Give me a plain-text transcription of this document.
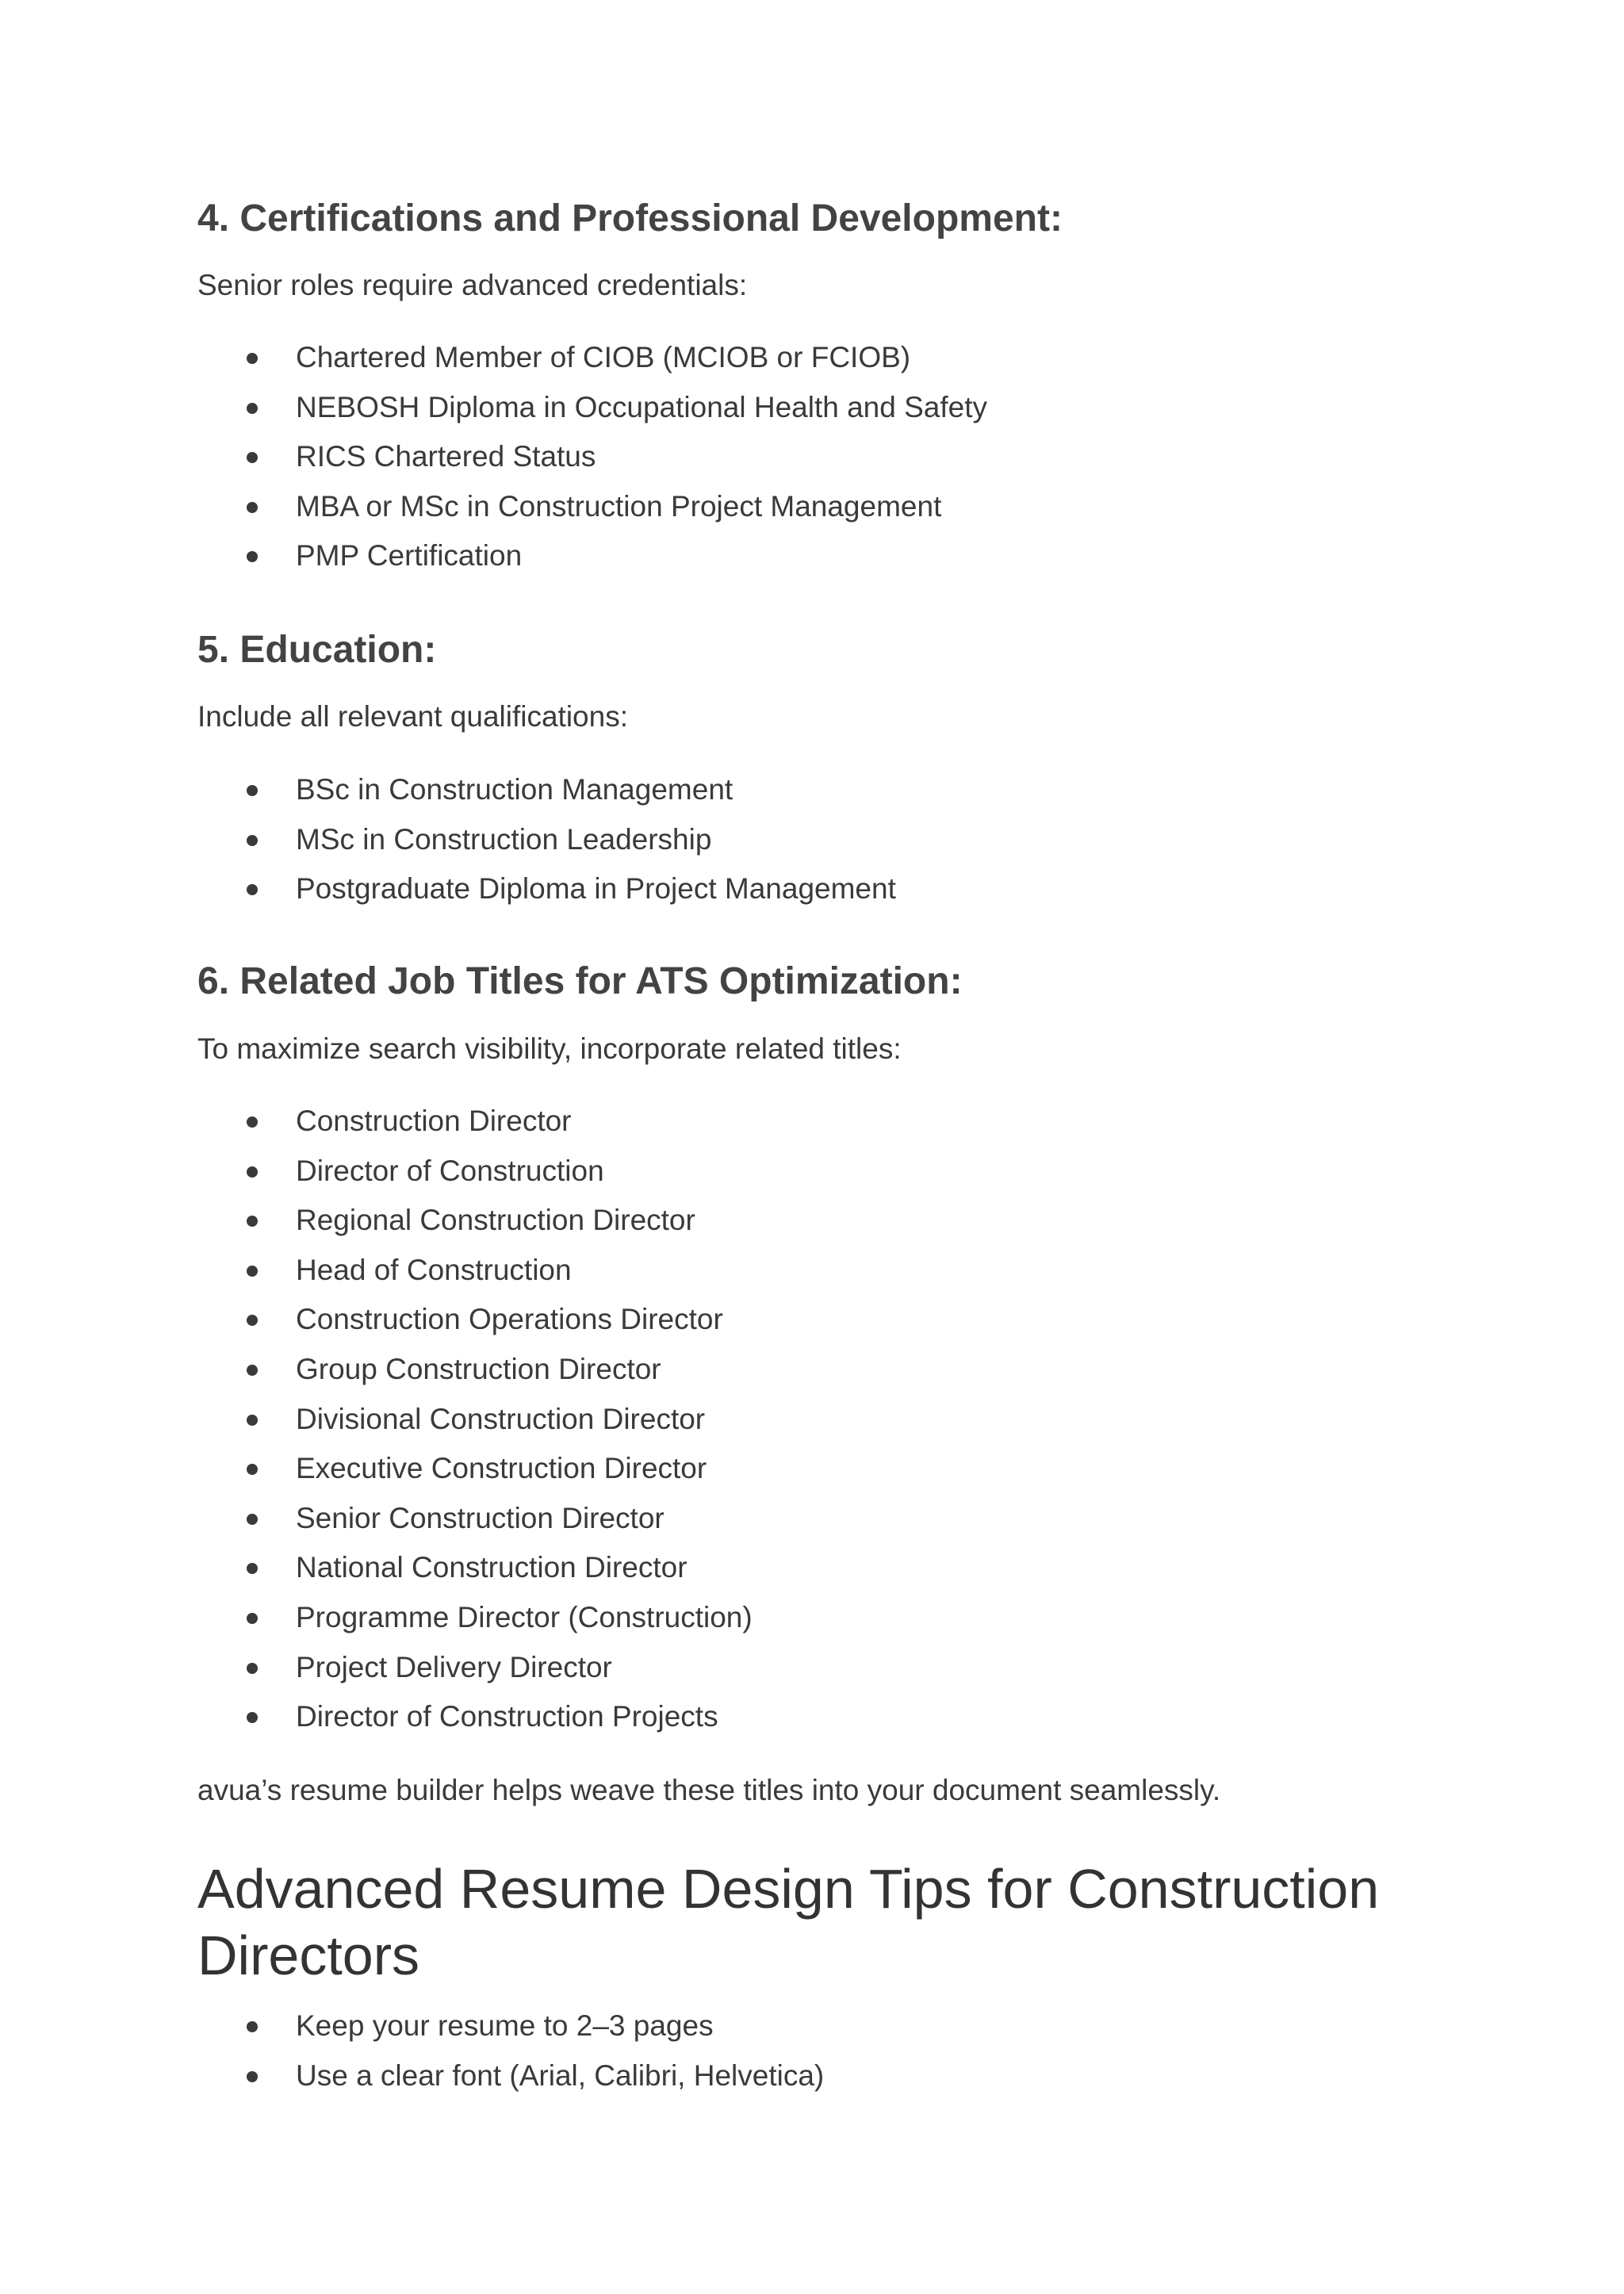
4. Certifications and Professional Development:

Senior roles require advanced credentials:

Chartered Member of CIOB (MCIOB or FCIOB)
NEBOSH Diploma in Occupational Health and Safety
RICS Chartered Status
MBA or MSc in Construction Project Management
PMP Certification
5. Education:

Include all relevant qualifications:

BSc in Construction Management
MSc in Construction Leadership
Postgraduate Diploma in Project Management
6. Related Job Titles for ATS Optimization:

To maximize search visibility, incorporate related titles:

Construction Director
Director of Construction
Regional Construction Director
Head of Construction
Construction Operations Director
Group Construction Director
Divisional Construction Director
Executive Construction Director
Senior Construction Director
National Construction Director
Programme Director (Construction)
Project Delivery Director
Director of Construction Projects

avua’s resume builder helps weave these titles into your document seamlessly.

Advanced Resume Design Tips for Construction Directors
Keep your resume to 2–3 pages
Use a clear font (Arial, Calibri, Helvetica)
